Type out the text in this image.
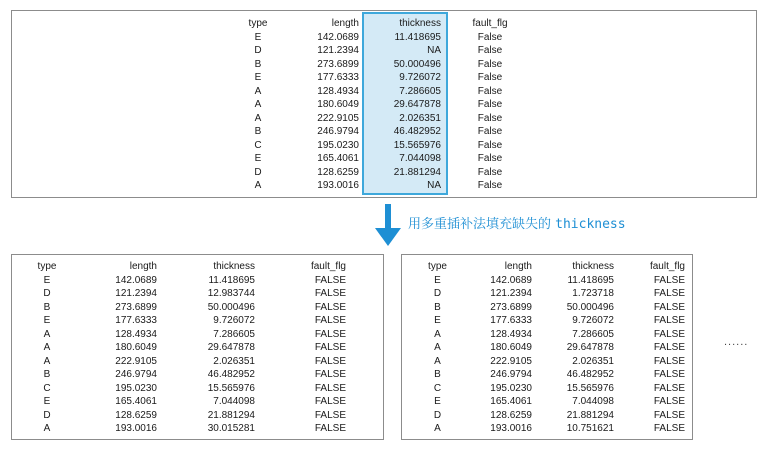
type	length	thickness	fault_flg
E	142.0689	11.418695	False
D	121.2394	NA	False
B	273.6899	50.000496	False
E	177.6333	9.726072	False
A	128.4934	7.286605	False
A	180.6049	29.647878	False
A	222.9105	2.026351	False
B	246.9794	46.482952	False
C	195.0230	15.565976	False
E	165.4061	7.044098	False
D	128.6259	21.881294	False
A	193.0016	NA	False
用多重插补法填充缺失的 thickness
type	length	thickness	fault_flg
E	142.0689	11.418695	FALSE
D	121.2394	12.983744	FALSE
B	273.6899	50.000496	FALSE
E	177.6333	9.726072	FALSE
A	128.4934	7.286605	FALSE
A	180.6049	29.647878	FALSE
A	222.9105	2.026351	FALSE
B	246.9794	46.482952	FALSE
C	195.0230	15.565976	FALSE
E	165.4061	7.044098	FALSE
D	128.6259	21.881294	FALSE
A	193.0016	30.015281	FALSE
type	length	thickness	fault_flg
E	142.0689	11.418695	FALSE
D	121.2394	1.723718	FALSE
B	273.6899	50.000496	FALSE
E	177.6333	9.726072	FALSE
A	128.4934	7.286605	FALSE
A	180.6049	29.647878	FALSE
A	222.9105	2.026351	FALSE
B	246.9794	46.482952	FALSE
C	195.0230	15.565976	FALSE
E	165.4061	7.044098	FALSE
D	128.6259	21.881294	FALSE
A	193.0016	10.751621	FALSE
......
